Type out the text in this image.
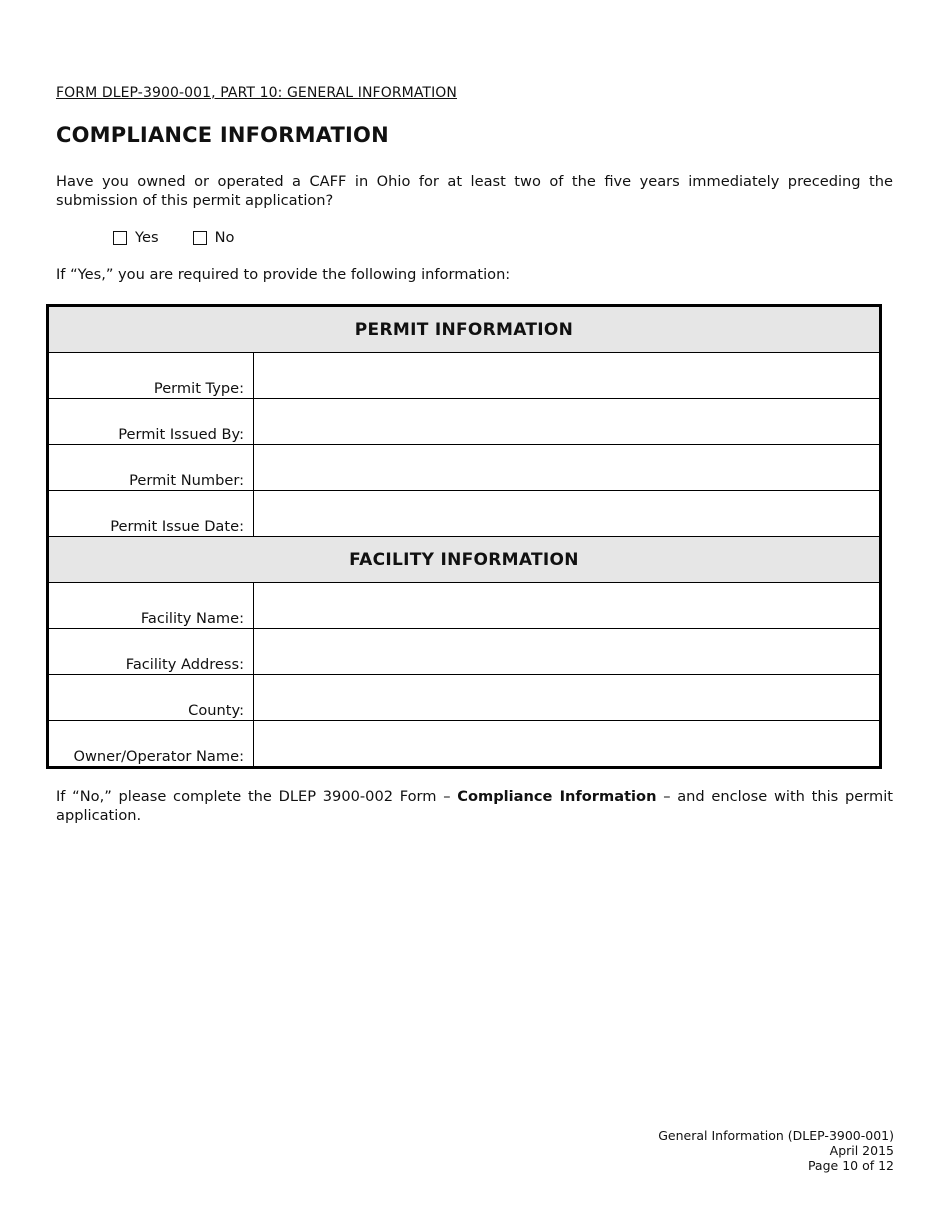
FORM DLEP-3900-001, PART 10: GENERAL INFORMATION
COMPLIANCE INFORMATION
Have you owned or operated a CAFF in Ohio for at least two of the five years immediately preceding the submission of this permit application?
Yes	No
If “Yes,” you are required to provide the following information:
PERMIT INFORMATION	
Permit Type:	

Permit Issued By:	

Permit Number:	

Permit Issue Date:	

FACILITY INFORMATION	
Facility Name:	

Facility Address:	

County:	

Owner/Operator Name:	
If “No,” please complete the DLEP 3900-002 Form – Compliance Information – and enclose with this permit application.
General Information (DLEP-3900-001)
April 2015
Page 10 of 12
